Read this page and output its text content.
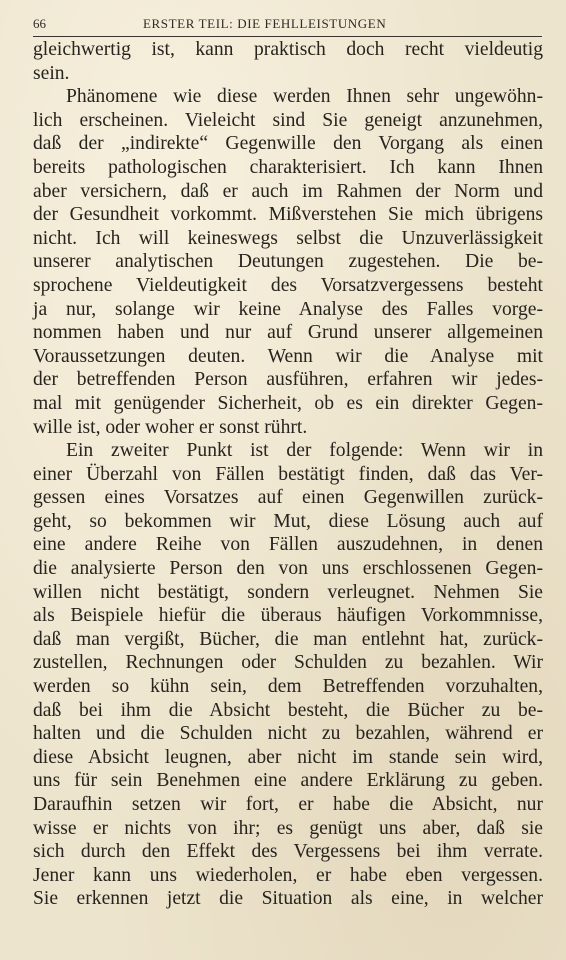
66	ERSTER TEIL: DIE FEHLLEISTUNGEN
gleichwertig ist, kann praktisch doch recht vieldeutig
sein.
Phänomene wie diese werden Ihnen sehr ungewöhn-
lich erscheinen. Vieleicht sind Sie geneigt anzunehmen,
daß der „indirekte“ Gegenwille den Vorgang als einen
bereits pathologischen charakterisiert. Ich kann Ihnen
aber versichern, daß er auch im Rahmen der Norm und
der Gesundheit vorkommt. Mißverstehen Sie mich übrigens
nicht. Ich will keineswegs selbst die Unzuverlässigkeit
unserer analytischen Deutungen zugestehen. Die be-
sprochene Vieldeutigkeit des Vorsatzvergessens besteht
ja nur, solange wir keine Analyse des Falles vorge-
nommen haben und nur auf Grund unserer allgemeinen
Voraussetzungen deuten. Wenn wir die Analyse mit
der betreffenden Person ausführen, erfahren wir jedes-
mal mit genügender Sicherheit, ob es ein direkter Gegen-
wille ist, oder woher er sonst rührt.
Ein zweiter Punkt ist der folgende: Wenn wir in
einer Überzahl von Fällen bestätigt finden, daß das Ver-
gessen eines Vorsatzes auf einen Gegenwillen zurück-
geht, so bekommen wir Mut, diese Lösung auch auf
eine andere Reihe von Fällen auszudehnen, in denen
die analysierte Person den von uns erschlossenen Gegen-
willen nicht bestätigt, sondern verleugnet. Nehmen Sie
als Beispiele hiefür die überaus häufigen Vorkommnisse,
daß man vergißt, Bücher, die man entlehnt hat, zurück-
zustellen, Rechnungen oder Schulden zu bezahlen. Wir
werden so kühn sein, dem Betreffenden vorzuhalten,
daß bei ihm die Absicht besteht, die Bücher zu be-
halten und die Schulden nicht zu bezahlen, während er
diese Absicht leugnen, aber nicht im stande sein wird,
uns für sein Benehmen eine andere Erklärung zu geben.
Daraufhin setzen wir fort, er habe die Absicht, nur
wisse er nichts von ihr; es genügt uns aber, daß sie
sich durch den Effekt des Vergessens bei ihm verrate.
Jener kann uns wiederholen, er habe eben vergessen.
Sie erkennen jetzt die Situation als eine, in welcher
